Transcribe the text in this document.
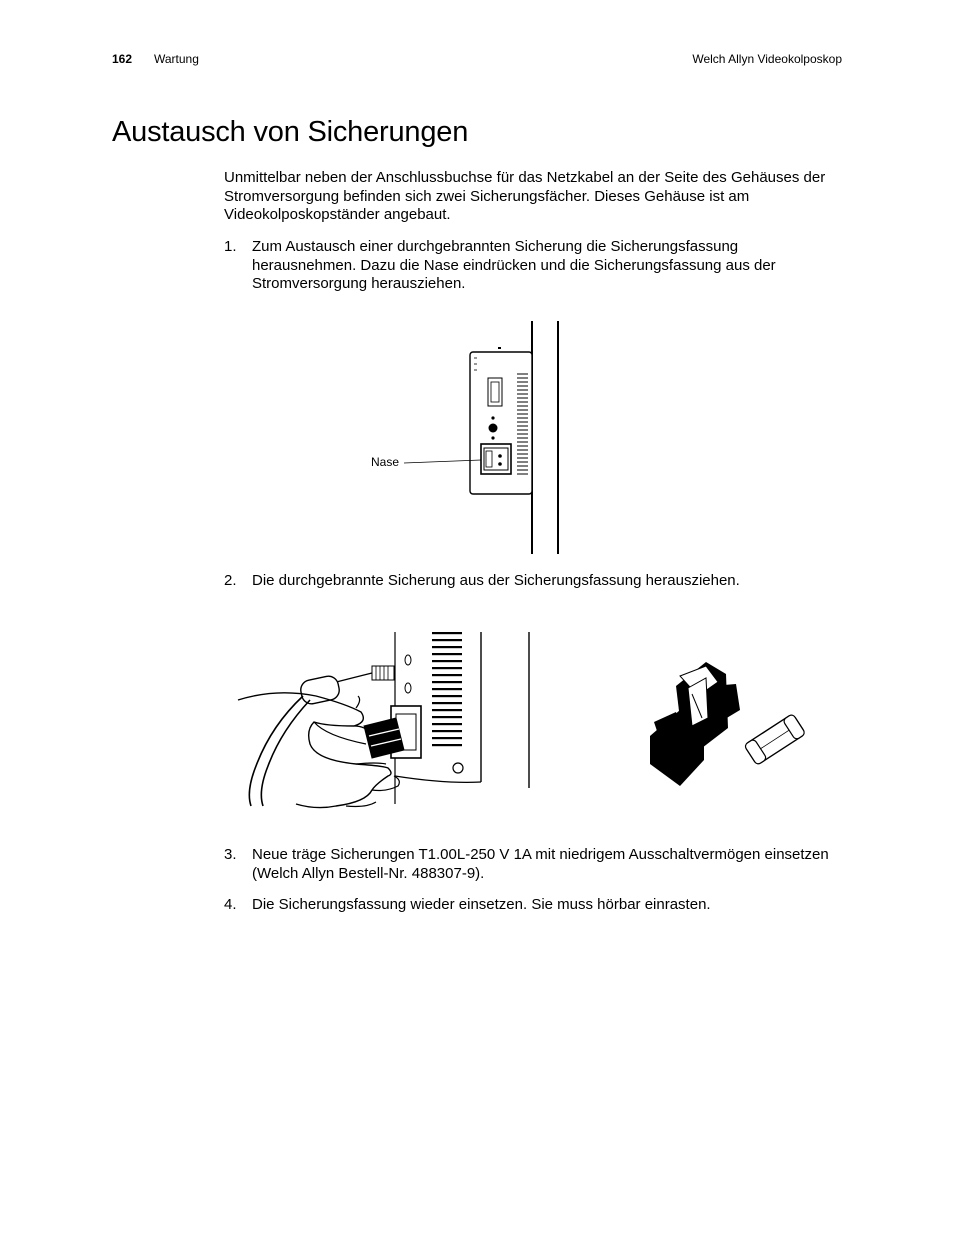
162 Wartung	Welch Allyn Videokolposkop
Austausch von Sicherungen
Unmittelbar neben der Anschlussbuchse für das Netzkabel an der Seite des Gehäuses der Stromversorgung befinden sich zwei Sicherungsfächer. Dieses Gehäuse ist am Videokolposkopständer angebaut.
1. Zum Austausch einer durchgebrannten Sicherung die Sicherungsfassung herausnehmen. Dazu die Nase eindrücken und die Sicherungsfassung aus der Stromversorgung herausziehen.
Nase
2. Die durchgebrannte Sicherung aus der Sicherungsfassung herausziehen.
3. Neue träge Sicherungen T1.00L-250 V 1A mit niedrigem Ausschaltvermögen einsetzen (Welch Allyn Bestell-Nr. 488307-9).
4. Die Sicherungsfassung wieder einsetzen. Sie muss hörbar einrasten.
